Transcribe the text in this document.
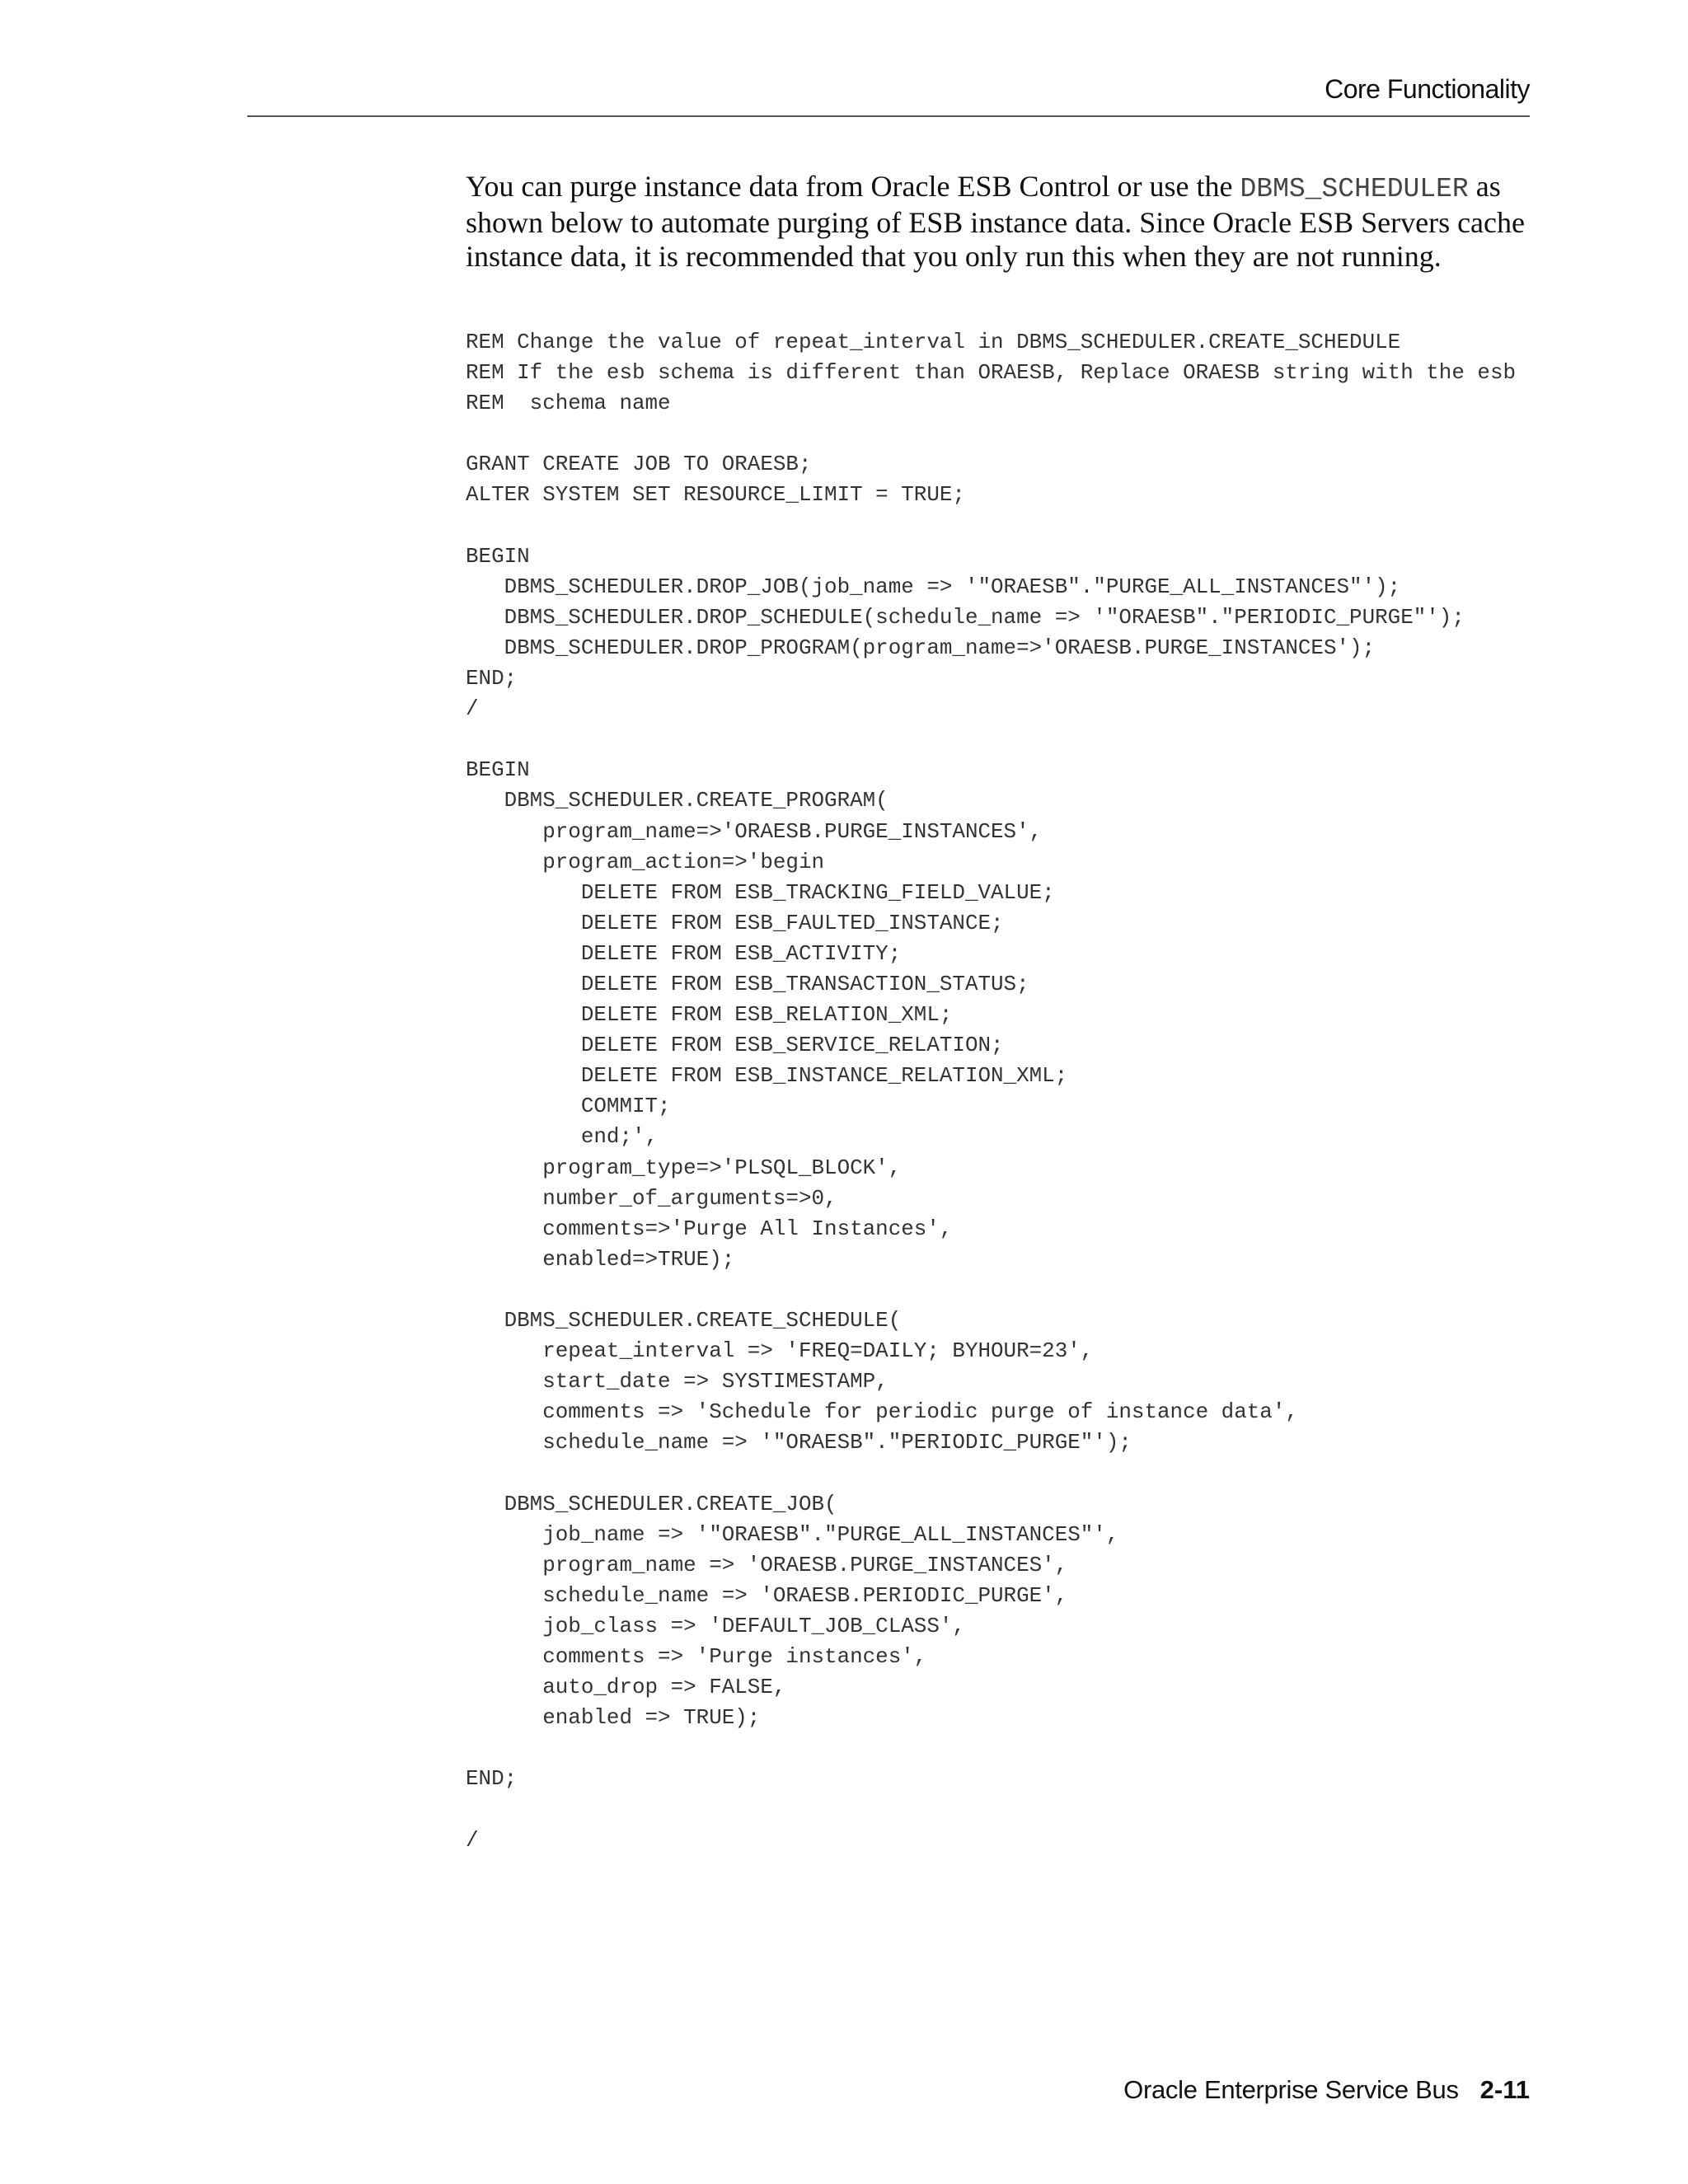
Core Functionality

You can purge instance data from Oracle ESB Control or use the DBMS_SCHEDULER as shown below to automate purging of ESB instance data. Since Oracle ESB Servers cache instance data, it is recommended that you only run this when they are not running.

REM Change the value of repeat_interval in DBMS_SCHEDULER.CREATE_SCHEDULE
REM If the esb schema is different than ORAESB, Replace ORAESB string with the esb
REM  schema name
GRANT CREATE JOB TO ORAESB;
ALTER SYSTEM SET RESOURCE_LIMIT = TRUE;
BEGIN
DBMS_SCHEDULER.DROP_JOB(job_name => '"ORAESB"."PURGE_ALL_INSTANCES"');
DBMS_SCHEDULER.DROP_SCHEDULE(schedule_name => '"ORAESB"."PERIODIC_PURGE"');
DBMS_SCHEDULER.DROP_PROGRAM(program_name=>'ORAESB.PURGE_INSTANCES');
END;
/
BEGIN
DBMS_SCHEDULER.CREATE_PROGRAM(
program_name=>'ORAESB.PURGE_INSTANCES',
program_action=>'begin
DELETE FROM ESB_TRACKING_FIELD_VALUE;
DELETE FROM ESB_FAULTED_INSTANCE;
DELETE FROM ESB_ACTIVITY;
DELETE FROM ESB_TRANSACTION_STATUS;
DELETE FROM ESB_RELATION_XML;
DELETE FROM ESB_SERVICE_RELATION;
DELETE FROM ESB_INSTANCE_RELATION_XML;
COMMIT;
end;',
program_type=>'PLSQL_BLOCK',
number_of_arguments=>0,
comments=>'Purge All Instances',
enabled=>TRUE);
DBMS_SCHEDULER.CREATE_SCHEDULE(
repeat_interval => 'FREQ=DAILY; BYHOUR=23',
start_date => SYSTIMESTAMP,
comments => 'Schedule for periodic purge of instance data',
schedule_name => '"ORAESB"."PERIODIC_PURGE"');
DBMS_SCHEDULER.CREATE_JOB(
job_name => '"ORAESB"."PURGE_ALL_INSTANCES"',
program_name => 'ORAESB.PURGE_INSTANCES',
schedule_name => 'ORAESB.PERIODIC_PURGE',
job_class => 'DEFAULT_JOB_CLASS',
comments => 'Purge instances',
auto_drop => FALSE,
enabled => TRUE);
END;
/
Oracle Enterprise Service Bus 2-11
